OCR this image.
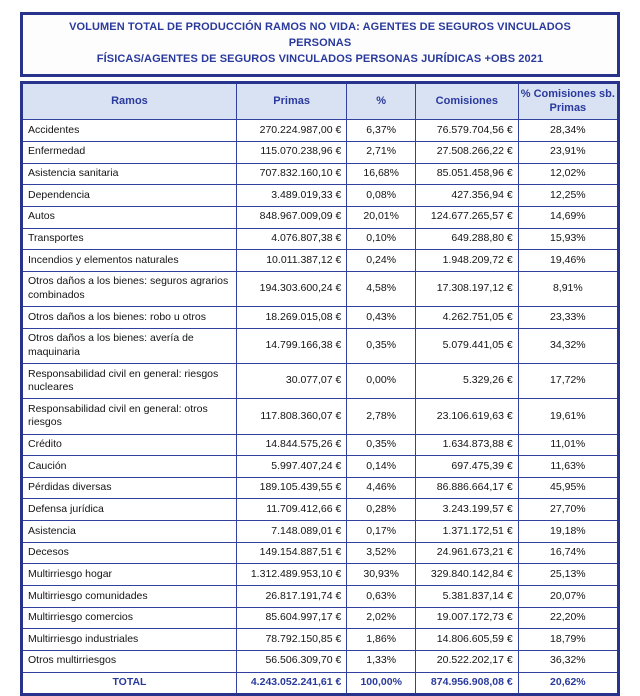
VOLUMEN TOTAL DE PRODUCCIÓN RAMOS NO VIDA: AGENTES DE SEGUROS VINCULADOS PERSONAS
FÍSICAS/AGENTES DE SEGUROS VINCULADOS PERSONAS JURÍDICAS +OBS 2021
Ramos	Primas	%	Comisiones	% Comisiones sb. Primas
Accidentes	270.224.987,00 €	6,37%	76.579.704,56 €	28,34%
Enfermedad	115.070.238,96 €	2,71%	27.508.266,22 €	23,91%
Asistencia sanitaria	707.832.160,10 €	16,68%	85.051.458,96 €	12,02%
Dependencia	3.489.019,33 €	0,08%	427.356,94 €	12,25%
Autos	848.967.009,09 €	20,01%	124.677.265,57 €	14,69%
Transportes	4.076.807,38 €	0,10%	649.288,80 €	15,93%
Incendios y elementos naturales	10.011.387,12 €	0,24%	1.948.209,72 €	19,46%
Otros daños a los bienes: seguros agrarios combinados	194.303.600,24 €	4,58%	17.308.197,12 €	8,91%
Otros daños a los bienes: robo u otros	18.269.015,08 €	0,43%	4.262.751,05 €	23,33%
Otros daños a los bienes: avería de maquinaria	14.799.166,38 €	0,35%	5.079.441,05 €	34,32%
Responsabilidad civil en general: riesgos nucleares	30.077,07 €	0,00%	5.329,26 €	17,72%
Responsabilidad civil en general: otros riesgos	117.808.360,07 €	2,78%	23.106.619,63 €	19,61%
Crédito	14.844.575,26 €	0,35%	1.634.873,88 €	11,01%
Caución	5.997.407,24 €	0,14%	697.475,39 €	11,63%
Pérdidas diversas	189.105.439,55 €	4,46%	86.886.664,17 €	45,95%
Defensa jurídica	11.709.412,66 €	0,28%	3.243.199,57 €	27,70%
Asistencia	7.148.089,01 €	0,17%	1.371.172,51 €	19,18%
Decesos	149.154.887,51 €	3,52%	24.961.673,21 €	16,74%
Multirriesgo hogar	1.312.489.953,10 €	30,93%	329.840.142,84 €	25,13%
Multirriesgo comunidades	26.817.191,74 €	0,63%	5.381.837,14 €	20,07%
Multirriesgo comercios	85.604.997,17 €	2,02%	19.007.172,73 €	22,20%
Multirriesgo industriales	78.792.150,85 €	1,86%	14.806.605,59 €	18,79%
Otros multirriesgos	56.506.309,70 €	1,33%	20.522.202,17 €	36,32%
TOTAL	4.243.052.241,61 €	100,00%	874.956.908,08 €	20,62%
